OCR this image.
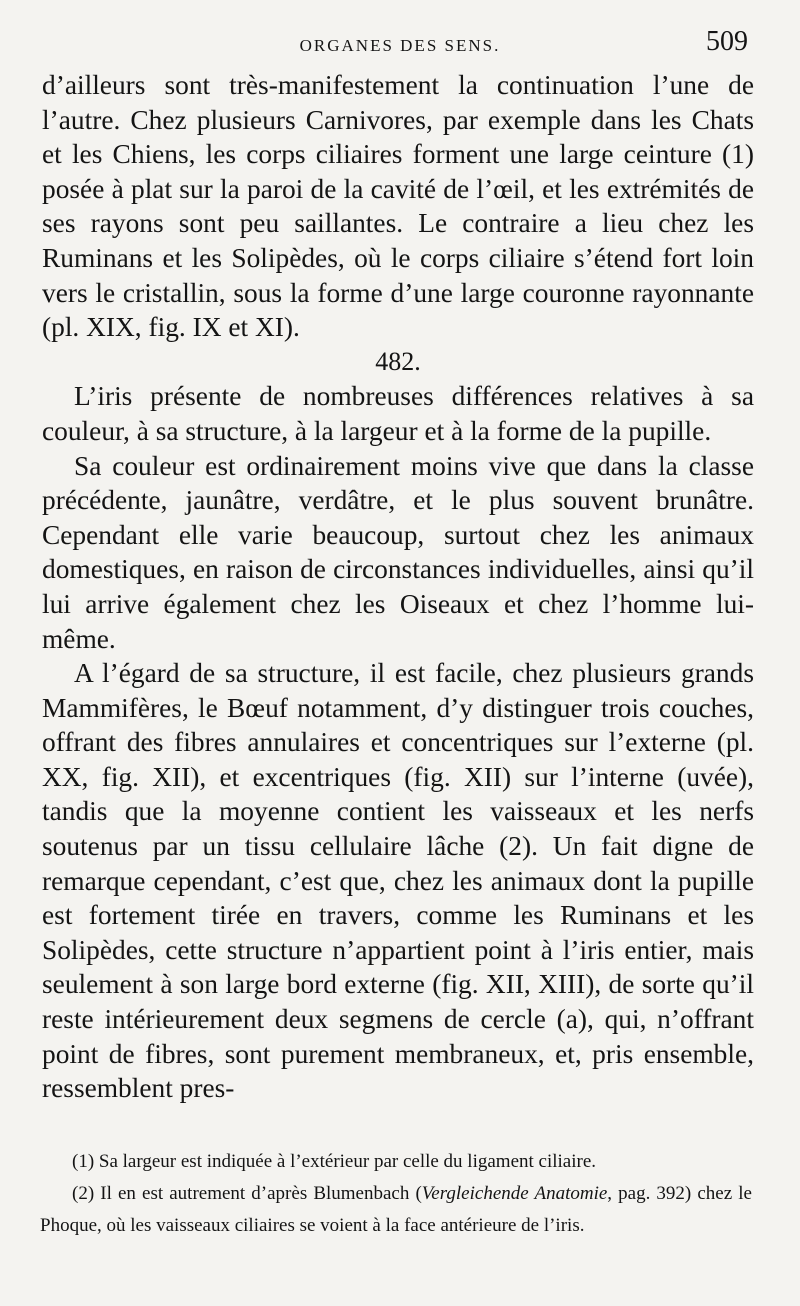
ORGANES DES SENS.	509

d’ailleurs sont très-manifestement la continuation l’une de l’autre. Chez plusieurs Carnivores, par exemple dans les Chats et les Chiens, les corps ciliaires forment une large ceinture (1) posée à plat sur la paroi de la cavité de l’œil, et les extrémités de ses rayons sont peu saillantes. Le contraire a lieu chez les Ruminans et les Solipèdes, où le corps ciliaire s’étend fort loin vers le cristallin, sous la forme d’une large couronne rayonnante (pl. XIX, fig. IX et XI).

482.

L’iris présente de nombreuses différences relatives à sa couleur, à sa structure, à la largeur et à la forme de la pupille.

Sa couleur est ordinairement moins vive que dans la classe précédente, jaunâtre, verdâtre, et le plus souvent brunâtre. Cependant elle varie beaucoup, surtout chez les animaux domestiques, en raison de circonstances individuelles, ainsi qu’il lui arrive également chez les Oiseaux et chez l’homme lui-même.

A l’égard de sa structure, il est facile, chez plusieurs grands Mammifères, le Bœuf notamment, d’y distinguer trois couches, offrant des fibres annulaires et concentriques sur l’externe (pl. XX, fig. XII), et excentriques (fig. XII) sur l’interne (uvée), tandis que la moyenne contient les vaisseaux et les nerfs soutenus par un tissu cellulaire lâche (2). Un fait digne de remarque cependant, c’est que, chez les animaux dont la pupille est fortement tirée en travers, comme les Ruminans et les Solipèdes, cette structure n’appartient point à l’iris entier, mais seulement à son large bord externe (fig. XII, XIII), de sorte qu’il reste intérieurement deux segmens de cercle (a), qui, n’offrant point de fibres, sont purement membraneux, et, pris ensemble, ressemblent pres-

(1) Sa largeur est indiquée à l’extérieur par celle du ligament ciliaire.

(2) Il en est autrement d’après Blumenbach (Vergleichende Anatomie, pag. 392) chez le Phoque, où les vaisseaux ciliaires se voient à la face antérieure de l’iris.
